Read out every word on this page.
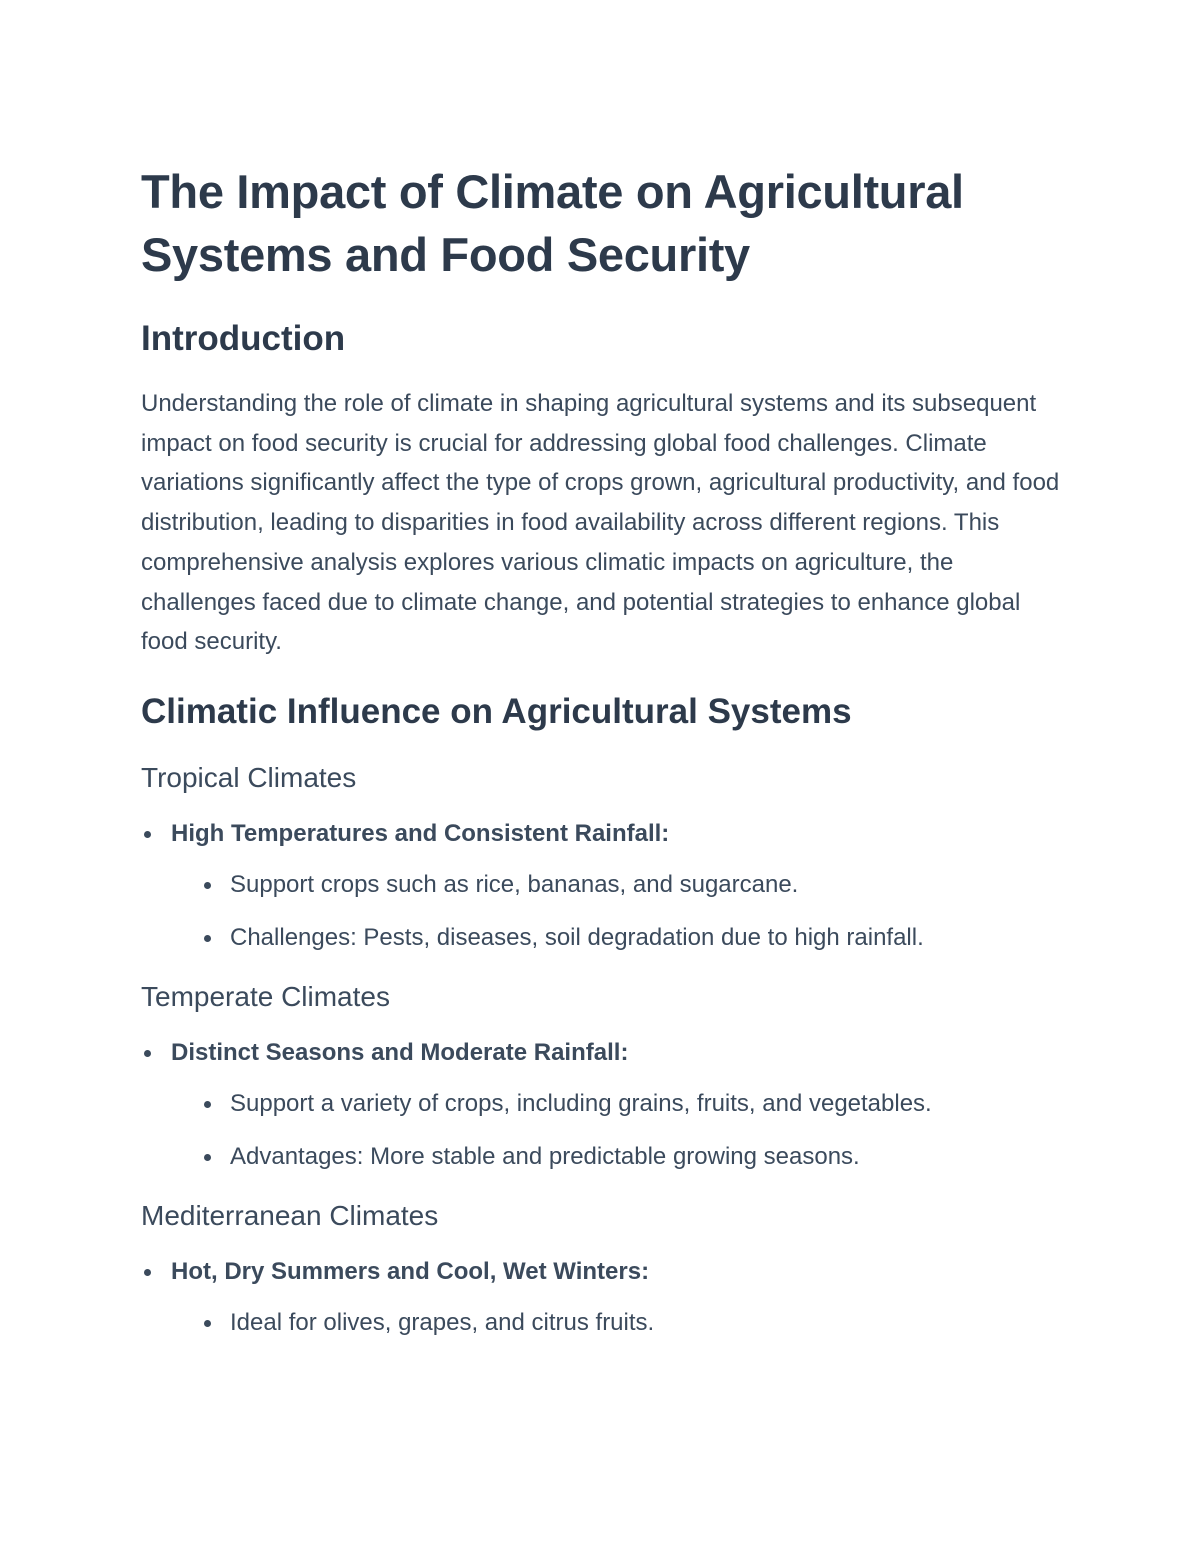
The Impact of Climate on Agricultural Systems and Food Security
Introduction

Understanding the role of climate in shaping agricultural systems and its subsequent impact on food security is crucial for addressing global food challenges. Climate variations significantly affect the type of crops grown, agricultural productivity, and food distribution, leading to disparities in food availability across different regions. This comprehensive analysis explores various climatic impacts on agriculture, the challenges faced due to climate change, and potential strategies to enhance global food security.

Climatic Influence on Agricultural Systems
Tropical Climates
High Temperatures and Consistent Rainfall:
Support crops such as rice, bananas, and sugarcane.
Challenges: Pests, diseases, soil degradation due to high rainfall.
Temperate Climates
Distinct Seasons and Moderate Rainfall:
Support a variety of crops, including grains, fruits, and vegetables.
Advantages: More stable and predictable growing seasons.
Mediterranean Climates
Hot, Dry Summers and Cool, Wet Winters:
Ideal for olives, grapes, and citrus fruits.
